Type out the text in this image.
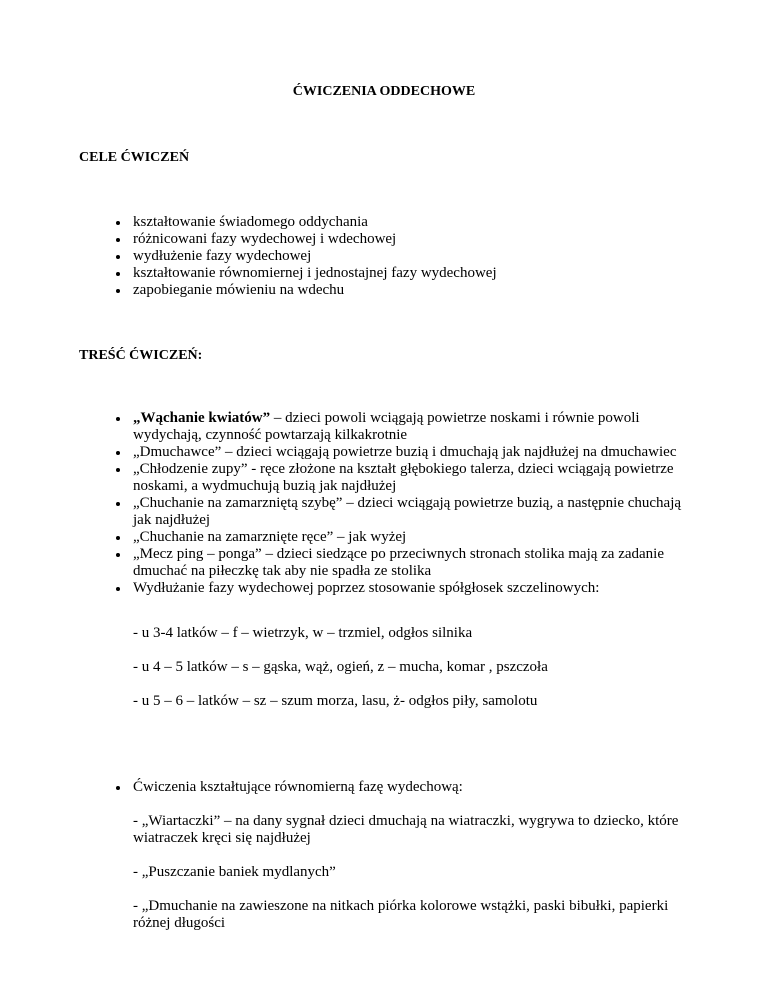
ĆWICZENIA ODDECHOWE
CELE ĆWICZEŃ
kształtowanie świadomego oddychania
różnicowani fazy wydechowej i wdechowej
wydłużenie fazy wydechowej
kształtowanie równomiernej i jednostajnej fazy wydechowej
zapobieganie mówieniu na wdechu
TREŚĆ ĆWICZEŃ:
„Wąchanie kwiatów” – dzieci powoli wciągają powietrze noskami i równie powoli wydychają, czynność powtarzają kilkakrotnie
„Dmuchawce” – dzieci wciągają powietrze buzią i dmuchają jak najdłużej na dmuchawiec
„Chłodzenie zupy” - ręce złożone na kształt głębokiego talerza, dzieci wciągają powietrze noskami, a wydmuchują buzią jak najdłużej
„Chuchanie na zamarzniętą szybę” – dzieci wciągają powietrze buzią, a następnie chuchają jak najdłużej
„Chuchanie na zamarznięte ręce” – jak wyżej
„Mecz ping – ponga” – dzieci siedzące po przeciwnych stronach stolika mają za zadanie dmuchać na piłeczkę tak aby nie spadła ze stolika
Wydłużanie fazy wydechowej poprzez stosowanie spółgłosek szczelinowych:
- u 3-4 latków – f – wietrzyk, w – trzmiel, odgłos silnika
- u 4 – 5 latków – s – gąska, wąż, ogień, z – mucha, komar , pszczoła
- u 5 – 6 – latków – sz – szum morza, lasu, ż- odgłos piły, samolotu
Ćwiczenia kształtujące równomierną fazę wydechową:
- „Wiartaczki” – na dany sygnał dzieci dmuchają na wiatraczki, wygrywa to dziecko, które wiatraczek kręci się najdłużej
- „Puszczanie baniek mydlanych”
- „Dmuchanie na zawieszone na nitkach piórka kolorowe wstążki, paski bibułki, papierki różnej długości
